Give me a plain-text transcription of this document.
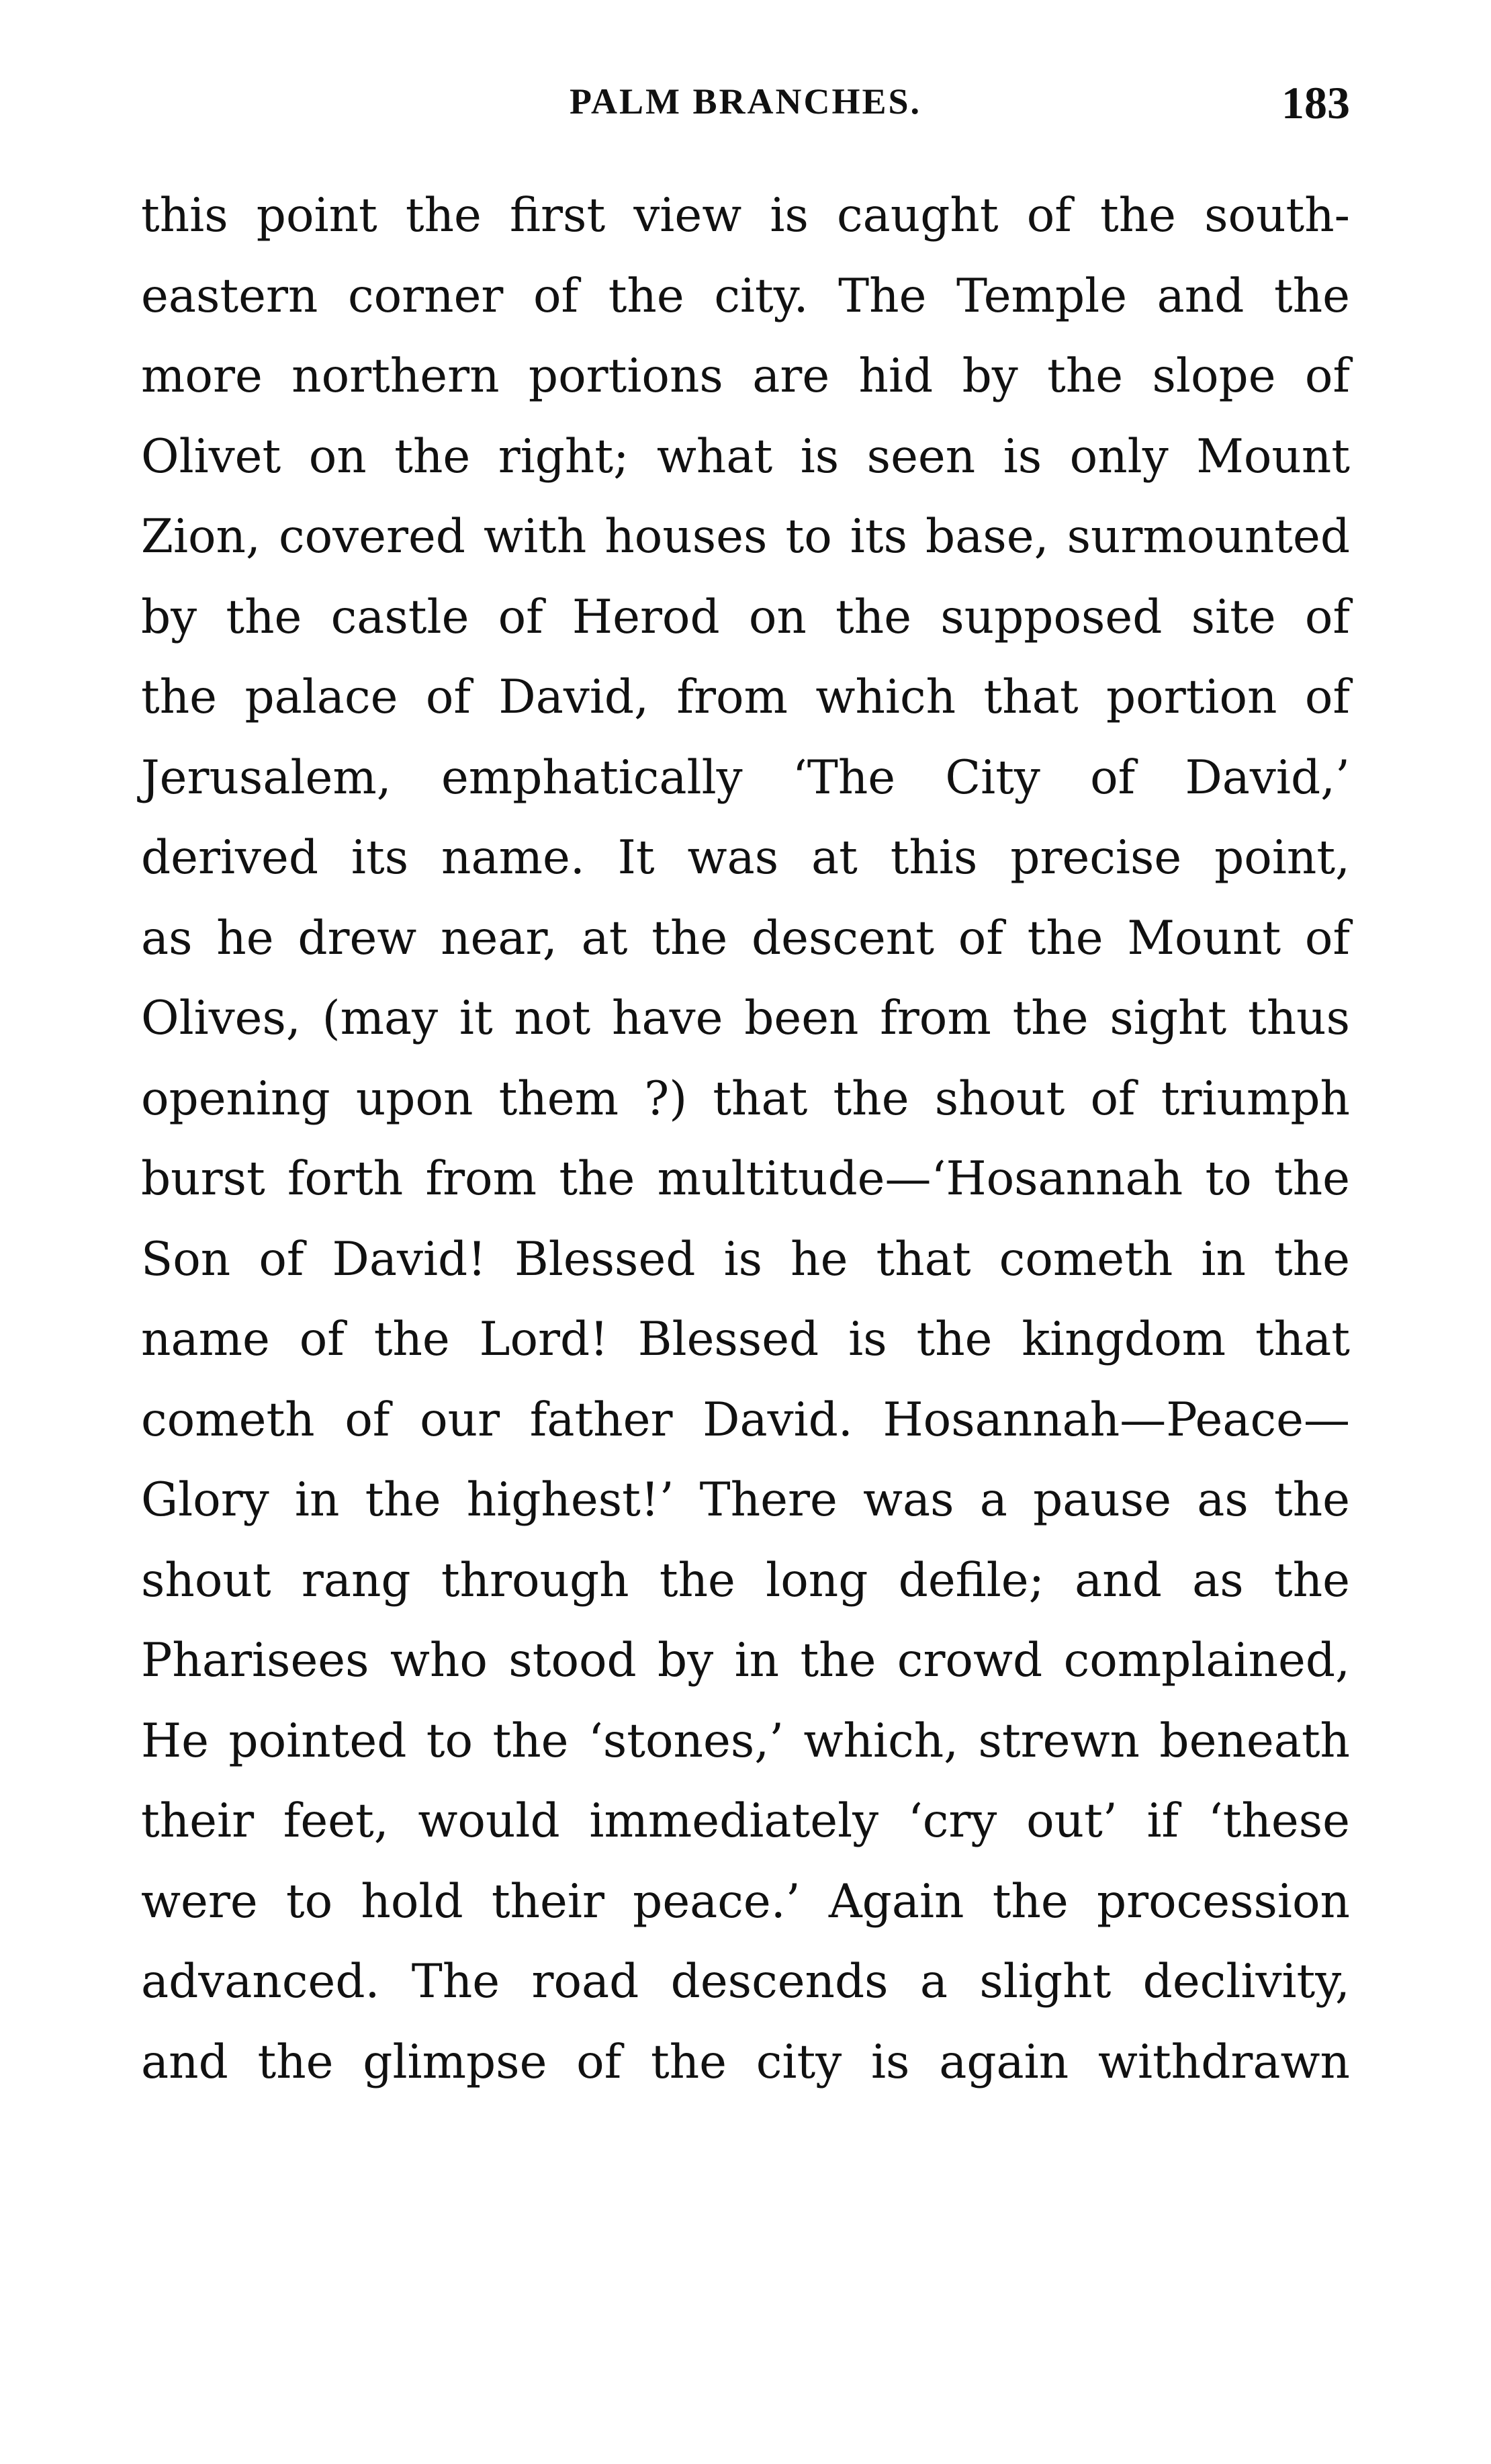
PALM BRANCHES.	183
this point the first view is caught of the south-
eastern corner of the city. The Temple and the
more northern portions are hid by the slope of
Olivet on the right; what is seen is only Mount
Zion, covered with houses to its base, surmounted
by the castle of Herod on the supposed site of
the palace of David, from which that portion of
Jerusalem, emphatically ‘The City of David,’
derived its name. It was at this precise point,
as he drew near, at the descent of the Mount of
Olives, (may it not have been from the sight thus
opening upon them ?) that the shout of triumph
burst forth from the multitude—‘Hosannah to the
Son of David! Blessed is he that cometh in the
name of the Lord! Blessed is the kingdom that
cometh of our father David. Hosannah—Peace—
Glory in the highest!’ There was a pause as the
shout rang through the long defile; and as the
Pharisees who stood by in the crowd complained,
He pointed to the ‘stones,’ which, strewn beneath
their feet, would immediately ‘cry out’ if ‘these
were to hold their peace.’ Again the procession
advanced. The road descends a slight declivity,
and the glimpse of the city is again withdrawn
